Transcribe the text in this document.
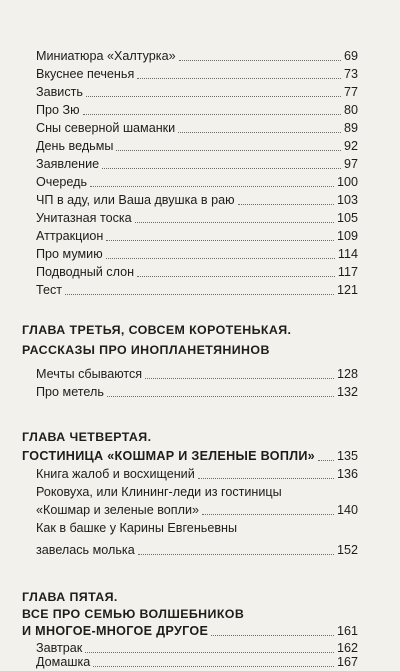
Миниатюра «Халтурка»	69
Вкуснее печенья	73
Зависть	77
Про Зю	80
Сны северной шаманки	89
День ведьмы	92
Заявление	97
Очередь	100
ЧП в аду, или Ваша двушка в раю	103
Унитазная тоска	105
Аттракцион	109
Про мумию	114
Подводный слон	117
Тест	121
ГЛАВА ТРЕТЬЯ, СОВСЕМ КОРОТЕНЬКАЯ.
РАССКАЗЫ ПРО ИНОПЛАНЕТЯНИНОВ
Мечты сбываются	128
Про метель	132
ГЛАВА ЧЕТВЕРТАЯ.
ГОСТИНИЦА «КОШМАР И ЗЕЛЕНЫЕ ВОПЛИ» 135
Книга жалоб и восхищений	136
Роковуха, или Клининг-леди из гостиницы
«Кошмар и зеленые вопли»	140
Как в башке у Карины Евгеньевны
завелась молька	152
ГЛАВА ПЯТАЯ.
ВСЕ ПРО СЕМЬЮ ВОЛШЕБНИКОВ
И МНОГОЕ-МНОГОЕ ДРУГОЕ	161
Завтрак	162
Домашка	167
